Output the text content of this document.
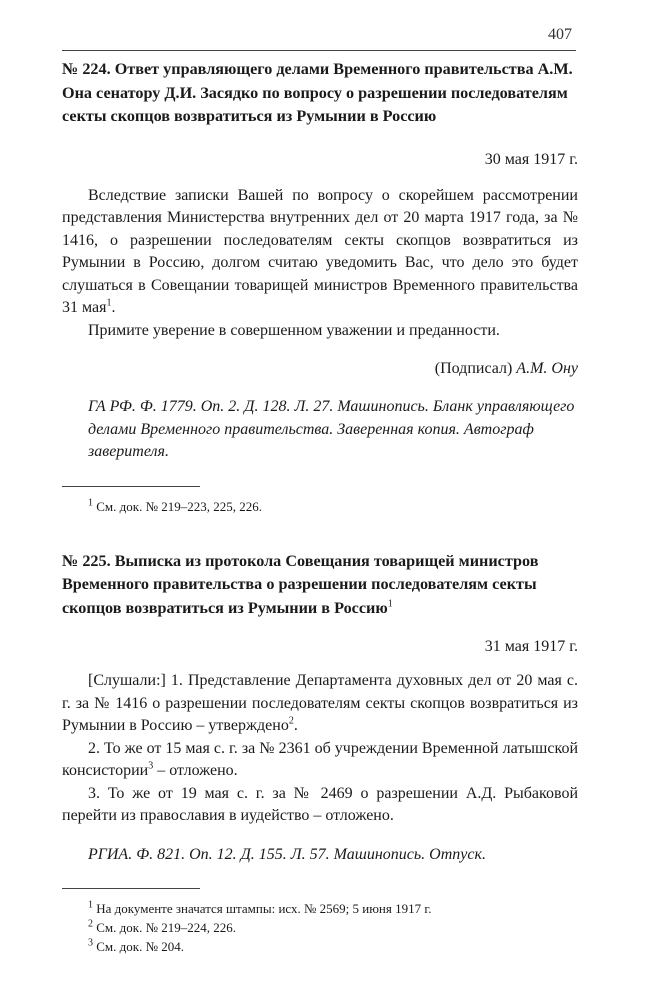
407

№ 224. Ответ управляющего делами Временного правительства А.М. Она сенатору Д.И. Засядко по вопросу о разрешении последователям секты скопцов возвратиться из Румынии в Россию

30 мая 1917 г.

Вследствие записки Вашей по вопросу о скорейшем рассмотрении представления Министерства внутренних дел от 20 марта 1917 года, за № 1416, о разрешении последователям секты скопцов возвратиться из Румынии в Россию, долгом считаю уведомить Вас, что дело это будет слушаться в Совещании товарищей министров Временного правительства 31 мая$^1$.

Примите уверение в совершенном уважении и преданности.

(Подписал) А.М. Ону

ГА РФ. Ф. 1779. Оп. 2. Д. 128. Л. 27. Машинопись. Бланк управляющего делами Временного правительства. Заверенная копия. Автограф заверителя.

$^1$ См. док. № 219–223, 225, 226.

№ 225. Выписка из протокола Совещания товарищей министров Временного правительства о разрешении последователям секты скопцов возвратиться из Румынии в Россию$^1$

31 мая 1917 г.

[Слушали:] 1. Представление Департамента духовных дел от 20 мая с. г. за № 1416 о разрешении последователям секты скопцов возвратиться из Румынии в Россию – утверждено$^2$.

2. То же от 15 мая с. г. за № 2361 об учреждении Временной латышской консистории$^3$ – отложено.

3. То же от 19 мая с. г. за № 2469 о разрешении А.Д. Рыбаковой перейти из православия в иудейство – отложено.

РГИА. Ф. 821. Оп. 12. Д. 155. Л. 57. Машинопись. Отпуск.

$^1$ На документе значатся штампы: исх. № 2569; 5 июня 1917 г.
$^2$ См. док. № 219–224, 226.
$^3$ См. док. № 204.
